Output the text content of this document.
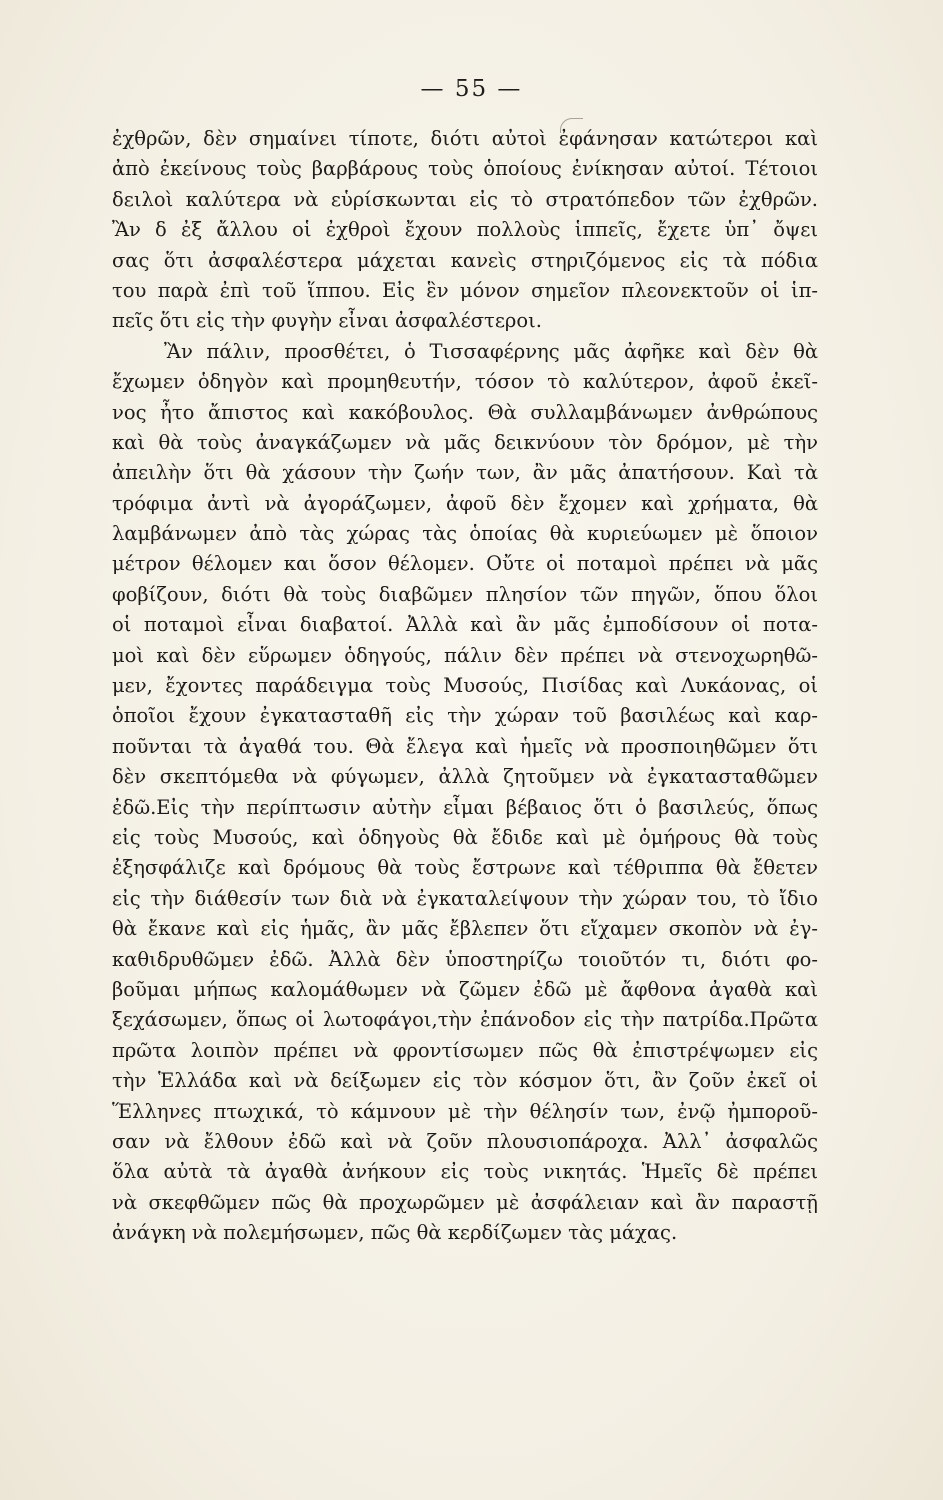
— 55 —
ἐχθρῶν, δὲν σημαίνει τίποτε, διότι αὐτοὶ ἐφάνησαν κατώτεροι καὶ
ἀπὸ ἐκείνους τοὺς βαρβάρους τοὺς ὁποίους ἐνίκησαν αὐτοί. Τέτοιοι
δειλοὶ καλύτερα νὰ εὑρίσκωνται εἰς τὸ στρατόπεδον τῶν ἐχθρῶν.
Ἂν δ ἐξ ἄλλου οἱ ἐχθροὶ ἔχουν πολλοὺς ἱππεῖς, ἔχετε ὑπ᾽ ὄψει
σας ὅτι ἀσφαλέστερα μάχεται κανεὶς στηριζόμενος εἰς τὰ πόδια
του παρὰ ἐπὶ τοῦ ἵππου. Εἰς ἓν μόνον σημεῖον πλεονεκτοῦν οἱ ἱπ-
πεῖς ὅτι εἰς τὴν φυγὴν εἶναι ἀσφαλέστεροι.
Ἂν πάλιν, προσθέτει, ὁ Τισσαφέρνης μᾶς ἀφῆκε καὶ δὲν θὰ
ἔχωμεν ὁδηγὸν καὶ προμηθευτήν, τόσον τὸ καλύτερον, ἀφοῦ ἐκεῖ-
νος ἦτο ἄπιστος καὶ κακόβουλος. Θὰ συλλαμβάνωμεν ἀνθρώπους
καὶ θὰ τοὺς ἀναγκάζωμεν νὰ μᾶς δεικνύουν τὸν δρόμον, μὲ τὴν
ἀπειλὴν ὅτι θὰ χάσουν τὴν ζωήν των, ἂν μᾶς ἀπατήσουν. Καὶ τὰ
τρόφιμα ἀντὶ νὰ ἀγοράζωμεν, ἀφοῦ δὲν ἔχομεν καὶ χρήματα, θὰ
λαμβάνωμεν ἀπὸ τὰς χώρας τὰς ὁποίας θὰ κυριεύωμεν μὲ ὅποιον
μέτρον θέλομεν και ὅσον θέλομεν. Οὔτε οἱ ποταμοὶ πρέπει νὰ μᾶς
φοβίζουν, διότι θὰ τοὺς διαβῶμεν πλησίον τῶν πηγῶν, ὅπου ὅλοι
οἱ ποταμοὶ εἶναι διαβατοί. Ἀλλὰ καὶ ἂν μᾶς ἐμποδίσουν οἱ ποτα-
μοὶ καὶ δὲν εὕρωμεν ὁδηγούς, πάλιν δὲν πρέπει νὰ στενοχωρηθῶ-
μεν, ἔχοντες παράδειγμα τοὺς Μυσούς, Πισίδας καὶ Λυκάονας, οἱ
ὁποῖοι ἔχουν ἐγκατασταθῆ εἰς τὴν χώραν τοῦ βασιλέως καὶ καρ-
ποῦνται τὰ ἀγαθά του. Θὰ ἔλεγα καὶ ἡμεῖς νὰ προσποιηθῶμεν ὅτι
δὲν σκεπτόμεθα νὰ φύγωμεν, ἀλλὰ ζητοῦμεν νὰ ἐγκατασταθῶμεν
ἐδῶ.Εἰς τὴν περίπτωσιν αὐτὴν εἶμαι βέβαιος ὅτι ὁ βασιλεύς, ὅπως
εἰς τοὺς Μυσούς, καὶ ὁδηγοὺς θὰ ἔδιδε καὶ μὲ ὁμήρους θὰ τοὺς
ἐξησφάλιζε καὶ δρόμους θὰ τοὺς ἔστρωνε καὶ τέθριππα θὰ ἔθετεν
εἰς τὴν διάθεσίν των διὰ νὰ ἐγκαταλείψουν τὴν χώραν του, τὸ ἴδιο
θὰ ἔκανε καὶ εἰς ἡμᾶς, ἂν μᾶς ἔβλεπεν ὅτι εἴχαμεν σκοπὸν νὰ ἐγ-
καθιδρυθῶμεν ἐδῶ. Ἀλλὰ δὲν ὑποστηρίζω τοιοῦτόν τι, διότι φο-
βοῦμαι μήπως καλομάθωμεν νὰ ζῶμεν ἐδῶ μὲ ἄφθονα ἀγαθὰ καὶ
ξεχάσωμεν, ὅπως οἱ λωτοφάγοι,τὴν ἐπάνοδον εἰς τὴν πατρίδα.Πρῶτα
πρῶτα λοιπὸν πρέπει νὰ φροντίσωμεν πῶς θὰ ἐπιστρέψωμεν εἰς
τὴν Ἑλλάδα καὶ νὰ δείξωμεν εἰς τὸν κόσμον ὅτι, ἂν ζοῦν ἐκεῖ οἱ
Ἕλληνες πτωχικά, τὸ κάμνουν μὲ τὴν θέλησίν των, ἐνῷ ἠμποροῦ-
σαν νὰ ἔλθουν ἐδῶ καὶ νὰ ζοῦν πλουσιοπάροχα. Ἀλλ᾽ ἀσφαλῶς
ὅλα αὐτὰ τὰ ἀγαθὰ ἀνήκουν εἰς τοὺς νικητάς. Ἡμεῖς δὲ πρέπει
νὰ σκεφθῶμεν πῶς θὰ προχωρῶμεν μὲ ἀσφάλειαν καὶ ἂν παραστῇ
ἀνάγκη νὰ πολεμήσωμεν, πῶς θὰ κερδίζωμεν τὰς μάχας.
